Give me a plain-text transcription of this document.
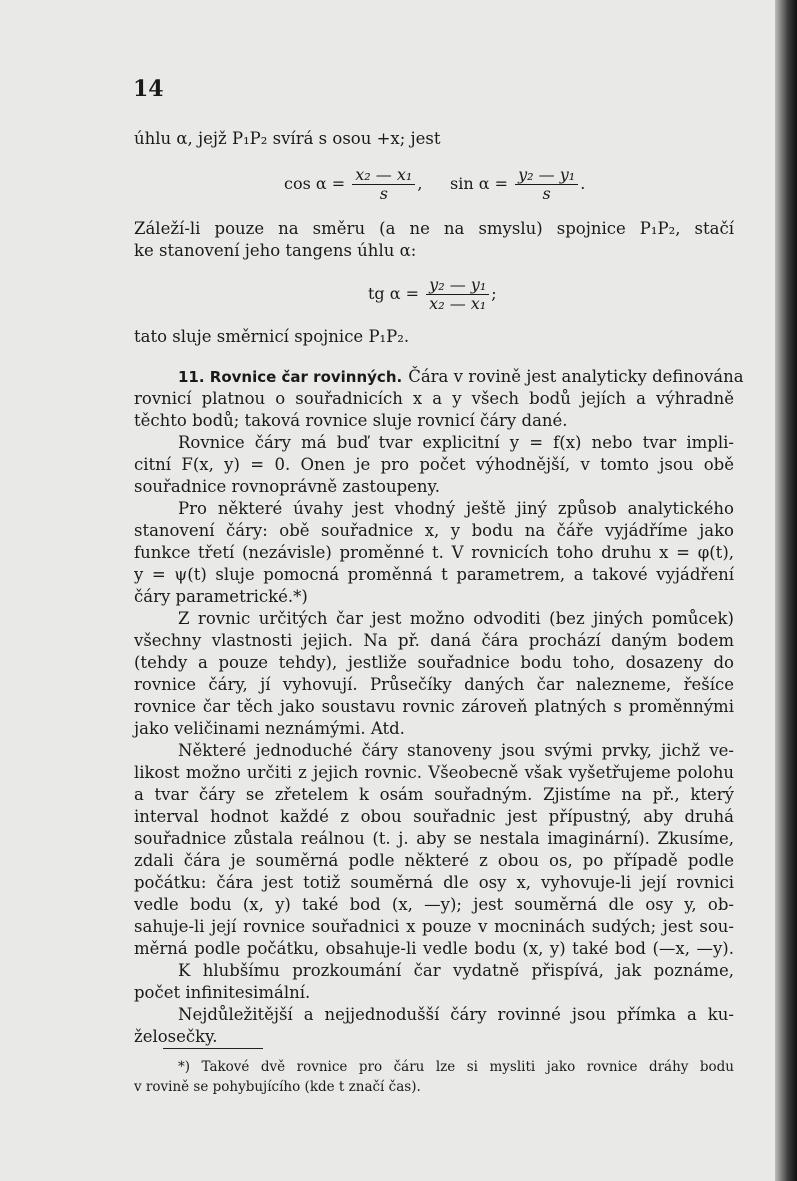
14
úhlu α, jejž P₁P₂ svírá s osou +x; jest
$\cos \alpha = \frac{\text{x₂ — x₁}}{s}$ , $\sin \alpha = \frac{\text{y₂ — y₁}}{s}$ .
Záleží-li pouze na směru (a ne na smyslu) spojnice P₁P₂, stačí
ke stanovení jeho tangens úhlu α:
tg $\alpha = \frac{\text{y₂ — y₁}}{\text{x₂ — x₁}}$ ;
tato sluje směrnicí spojnice P₁P₂.
11. Rovnice čar rovinných. Čára v rovině jest analyticky definována
rovnicí platnou o souřadnicích x a y všech bodů jejích a výhradně
těchto bodů; taková rovnice sluje rovnicí čáry dané.
Rovnice čáry má buď tvar explicitní y = f(x) nebo tvar impli-
citní F(x, y) = 0. Onen je pro počet výhodnější, v tomto jsou obě
souřadnice rovnoprávně zastoupeny.
Pro některé úvahy jest vhodný ještě jiný způsob analytického
stanovení čáry: obě souřadnice x, y bodu na čáře vyjádříme jako
funkce třetí (nezávisle) proměnné t. V rovnicích toho druhu x = φ(t),
y = ψ(t) sluje pomocná proměnná t parametrem, a takové vyjádření
čáry parametrické.*)
Z rovnic určitých čar jest možno odvoditi (bez jiných pomůcek)
všechny vlastnosti jejich. Na př. daná čára prochází daným bodem
(tehdy a pouze tehdy), jestliže souřadnice bodu toho, dosazeny do
rovnice čáry, jí vyhovují. Průsečíky daných čar nalezneme, řešíce
rovnice čar těch jako soustavu rovnic zároveň platných s proměnnými
jako veličinami neznámými. Atd.
Některé jednoduché čáry stanoveny jsou svými prvky, jichž ve-
likost možno určiti z jejich rovnic. Všeobecně však vyšetřujeme polohu
a tvar čáry se zřetelem k osám souřadným. Zjistíme na př., který
interval hodnot každé z obou souřadnic jest přípustný, aby druhá
souřadnice zůstala reálnou (t. j. aby se nestala imaginární). Zkusíme,
zdali čára je souměrná podle některé z obou os, po případě podle
počátku: čára jest totiž souměrná dle osy x, vyhovuje-li její rovnici
vedle bodu (x, y) také bod (x, —y); jest souměrná dle osy y, ob-
sahuje-li její rovnice souřadnici x pouze v mocninách sudých; jest sou-
měrná podle počátku, obsahuje-li vedle bodu (x, y) také bod (—x, —y).
K hlubšímu prozkoumání čar vydatně přispívá, jak poznáme,
počet infinitesimální.
Nejdůležitější a nejjednodušší čáry rovinné jsou přímka a ku-
želosečky.
*) Takové dvě rovnice pro čáru lze si mysliti jako rovnice dráhy bodu
v rovině se pohybujícího (kde t značí čas).
